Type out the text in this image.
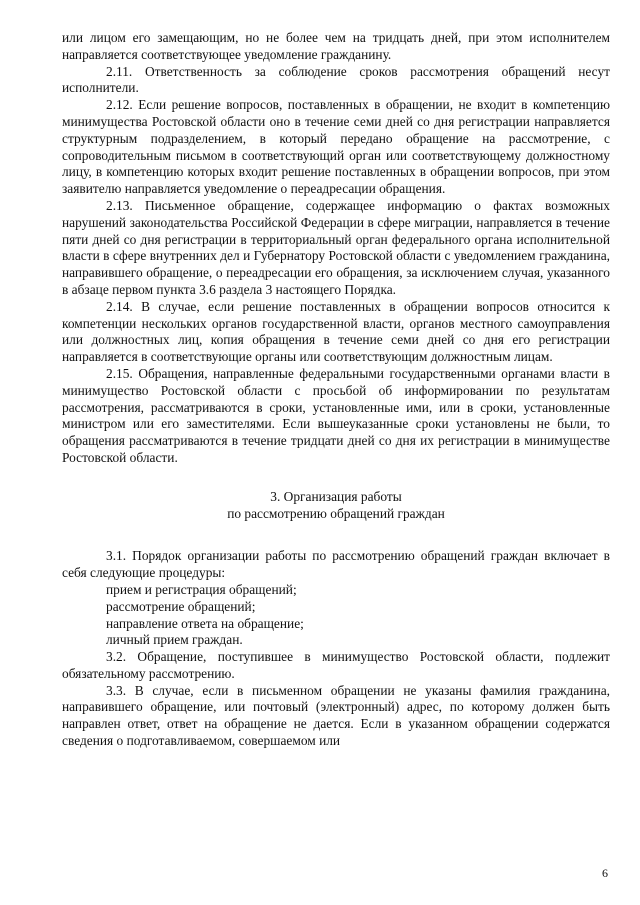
или лицом его замещающим, но не более чем на тридцать дней, при этом исполнителем направляется соответствующее уведомление гражданину.

2.11. Ответственность за соблюдение сроков рассмотрения обращений несут исполнители.

2.12. Если решение вопросов, поставленных в обращении, не входит в компетенцию минимущества Ростовской области оно в течение семи дней со дня регистрации направляется структурным подразделением, в который передано обращение на рассмотрение, с сопроводительным письмом в соответствующий орган или соответствующему должностному лицу, в компетенцию которых входит решение поставленных в обращении вопросов, при этом заявителю направляется уведомление о переадресации обращения.

2.13. Письменное обращение, содержащее информацию о фактах возможных нарушений законодательства Российской Федерации в сфере миграции, направляется в течение пяти дней со дня регистрации в территориальный орган федерального органа исполнительной власти в сфере внутренних дел и Губернатору Ростовской области с уведомлением гражданина, направившего обращение, о переадресации его обращения, за исключением случая, указанного в абзаце первом пункта 3.6 раздела 3 настоящего Порядка.

2.14. В случае, если решение поставленных в обращении вопросов относится к компетенции нескольких органов государственной власти, органов местного самоуправления или должностных лиц, копия обращения в течение семи дней со дня его регистрации направляется в соответствующие органы или соответствующим должностным лицам.

2.15. Обращения, направленные федеральными государственными органами власти в минимущество Ростовской области с просьбой об информировании по результатам рассмотрения, рассматриваются в сроки, установленные ими, или в сроки, установленные министром или его заместителями. Если вышеуказанные сроки установлены не были, то обращения рассматриваются в течение тридцати дней со дня их регистрации в минимуществе Ростовской области.

3. Организация работы
по рассмотрению обращений граждан

3.1. Порядок организации работы по рассмотрению обращений граждан включает в себя следующие процедуры:

прием и регистрация обращений;

рассмотрение обращений;

направление ответа на обращение;

личный прием граждан.

3.2. Обращение, поступившее в минимущество Ростовской области, подлежит обязательному рассмотрению.

3.3. В случае, если в письменном обращении не указаны фамилия гражданина, направившего обращение, или почтовый (электронный) адрес, по которому должен быть направлен ответ, ответ на обращение не дается. Если в указанном обращении содержатся сведения о подготавливаемом, совершаемом или

6
